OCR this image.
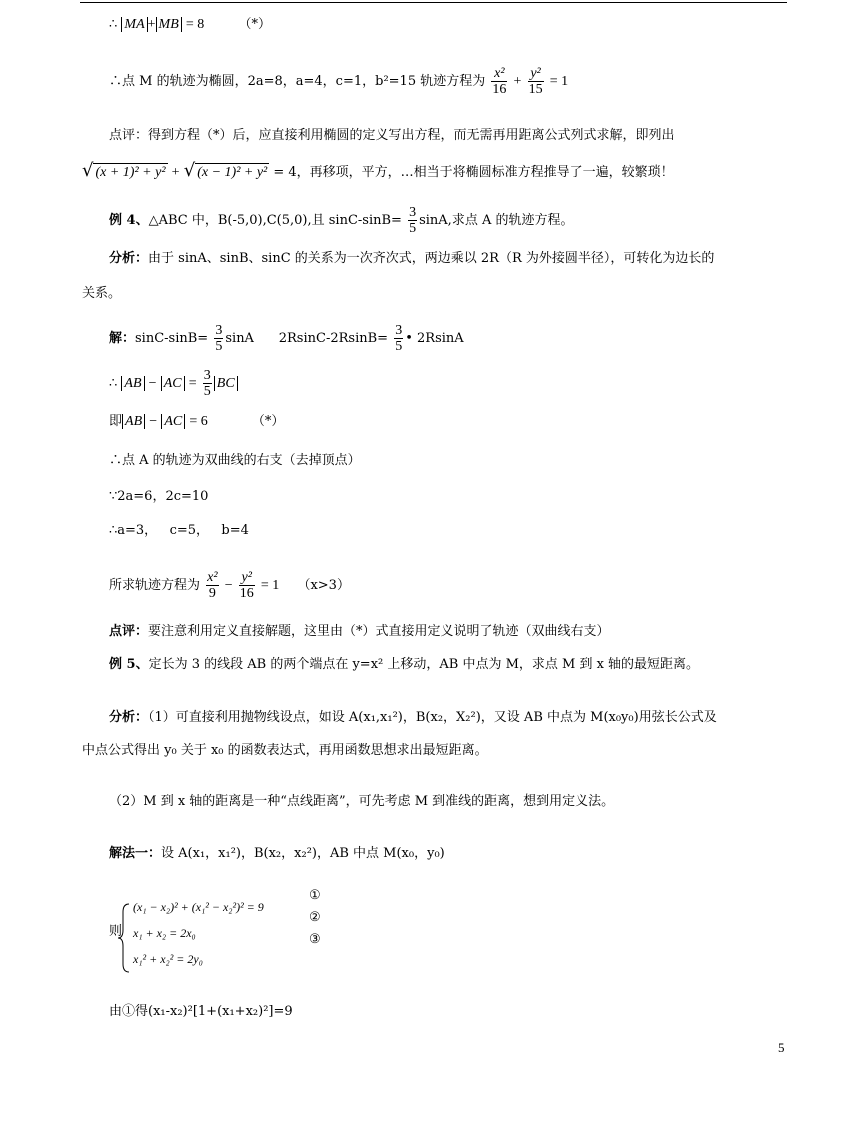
∴ MA + MB = 8	（*）
∴点 M 的轨迹为椭圆，2a=8，a=4，c=1，b²=15 轨迹方程为 $\frac{\text{x²}}{16} + \frac{\text{y²}}{15} = 1$
点评：得到方程（*）后，应直接利用椭圆的定义写出方程，而无需再用距离公式列式求解，即列出
√ (x + 1)² + y² + √ (x − 1)² + y² = 4，再移项，平方，…相当于将椭圆标准方程推导了一遍，较繁琐！
例 4、△ABC 中，B(-5,0),C(5,0),且 $\sin C-\sin B= \frac{3}{5} \sin A$,求点 A 的轨迹方程。
分析：由于 sinA、sinB、sinC 的关系为一次齐次式，两边乘以 2R（R 为外接圆半径），可转化为边长的
关系。
解：$\sin C-\sin B= \frac{3}{5}$ sinA      $2RsinC-2RsinB= \frac{3}{5}$ • 2RsinA
∴ AB − AC = $\frac{3}{5}$ BC
即 AB − AC = 6	（*）
∴点 A 的轨迹为双曲线的右支（去掉顶点）
∵2a=6，2c=10
∴a=3，   c=5，   b=4
所求轨迹方程为 $\frac{\text{x²}}{9} - \frac{\text{y²}}{16} = 1$ （x>3）
点评：要注意利用定义直接解题，这里由（*）式直接用定义说明了轨迹（双曲线右支）
例 5、定长为 3 的线段 AB 的两个端点在 y=x² 上移动，AB 中点为 M，求点 M 到 x 轴的最短距离。
分析：（1）可直接利用抛物线设点，如设 A(x₁,x₁²)，B(x₂，X₂²)，又设 AB 中点为 M(x₀y₀)用弦长公式及
中点公式得出 y₀ 关于 x₀ 的函数表达式，再用函数思想求出最短距离。
（2）M 到 x 轴的距离是一种“点线距离”，可先考虑 M 到准线的距离，想到用定义法。
解法一：设 A(x₁，x₁²)，B(x₂，x₂²)，AB 中点 M(x₀，y₀)
则
(x₁ − x₂)² + (x₁² − x₂²)² = 9
x₁ + x₂ = 2x₀
x₁² + x₂² = 2y₀
①
②
③
由①得(x₁-x₂)²[1+(x₁+x₂)²]=9
5
